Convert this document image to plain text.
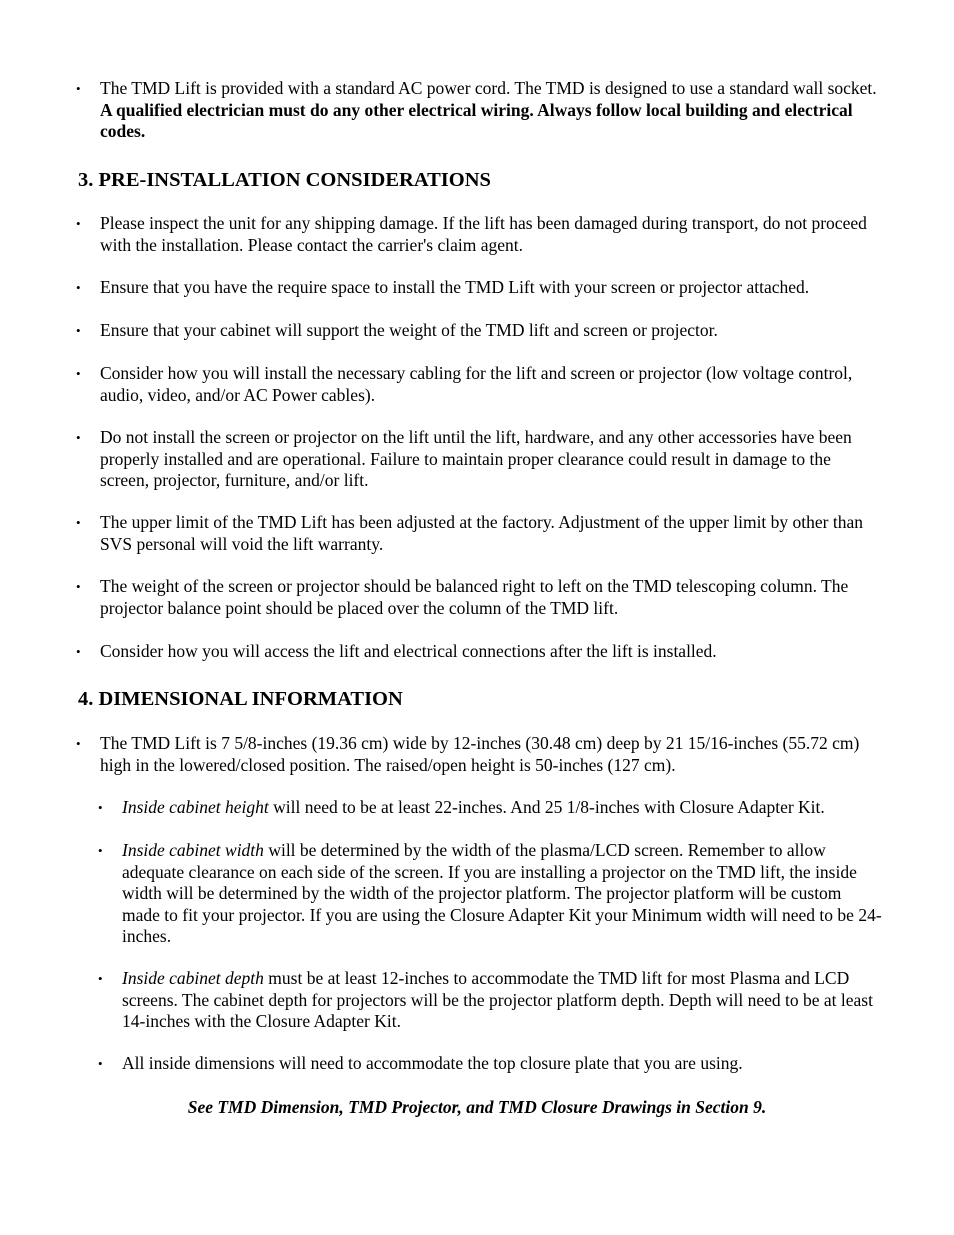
• The TMD Lift is provided with a standard AC power cord. The TMD is designed to use a standard wall socket. A qualified electrician must do any other electrical wiring. Always follow local building and electrical codes.
3. PRE-INSTALLATION CONSIDERATIONS
• Please inspect the unit for any shipping damage. If the lift has been damaged during transport, do not proceed with the installation. Please contact the carrier's claim agent.
• Ensure that you have the require space to install the TMD Lift with your screen or projector attached.
• Ensure that your cabinet will support the weight of the TMD lift and screen or projector.
• Consider how you will install the necessary cabling for the lift and screen or projector (low voltage control, audio, video, and/or AC Power cables).
• Do not install the screen or projector on the lift until the lift, hardware, and any other accessories have been properly installed and are operational. Failure to maintain proper clearance could result in damage to the screen, projector, furniture, and/or lift.
• The upper limit of the TMD Lift has been adjusted at the factory. Adjustment of the upper limit by other than SVS personal will void the lift warranty.
• The weight of the screen or projector should be balanced right to left on the TMD telescoping column. The projector balance point should be placed over the column of the TMD lift.
• Consider how you will access the lift and electrical connections after the lift is installed.
4. DIMENSIONAL INFORMATION
• The TMD Lift is 7 5/8-inches (19.36 cm) wide by 12-inches (30.48 cm) deep by 21 15/16-inches (55.72 cm) high in the lowered/closed position. The raised/open height is 50-inches (127 cm).
• Inside cabinet height will need to be at least 22-inches. And 25 1/8-inches with Closure Adapter Kit.
• Inside cabinet width will be determined by the width of the plasma/LCD screen. Remember to allow adequate clearance on each side of the screen. If you are installing a projector on the TMD lift, the inside width will be determined by the width of the projector platform. The projector platform will be custom made to fit your projector. If you are using the Closure Adapter Kit your Minimum width will need to be 24-inches.
• Inside cabinet depth must be at least 12-inches to accommodate the TMD lift for most Plasma and LCD screens. The cabinet depth for projectors will be the projector platform depth. Depth will need to be at least 14-inches with the Closure Adapter Kit.
• All inside dimensions will need to accommodate the top closure plate that you are using.
See TMD Dimension, TMD Projector, and TMD Closure Drawings in Section 9.
